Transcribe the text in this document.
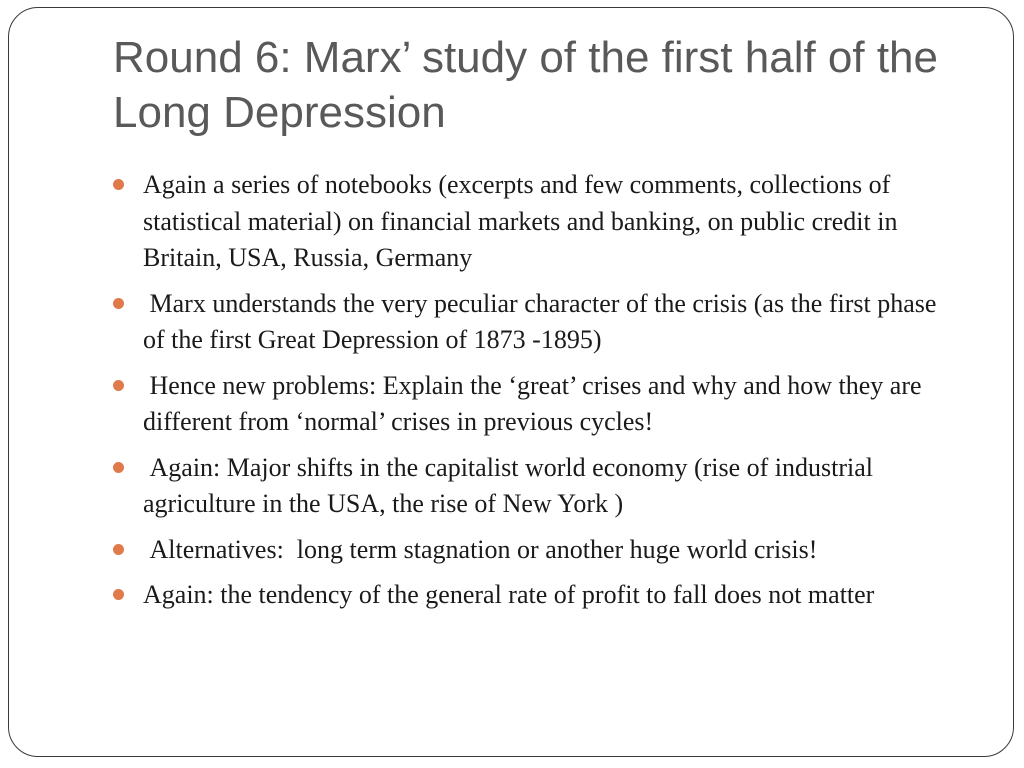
Round 6: Marx’ study of the first half of the Long Depression
Again a series of notebooks (excerpts and few comments, collections of statistical material) on financial markets and banking, on public credit in Britain, USA, Russia, Germany
Marx understands the very peculiar character of the crisis (as the first phase of the first Great Depression of 1873 -1895)
Hence new problems: Explain the ‘great’ crises and why and how they are different from ‘normal’ crises in previous cycles!
Again: Major shifts in the capitalist world economy (rise of industrial agriculture in the USA, the rise of New York )
Alternatives:  long term stagnation or another huge world crisis!
Again: the tendency of the general rate of profit to fall does not matter
